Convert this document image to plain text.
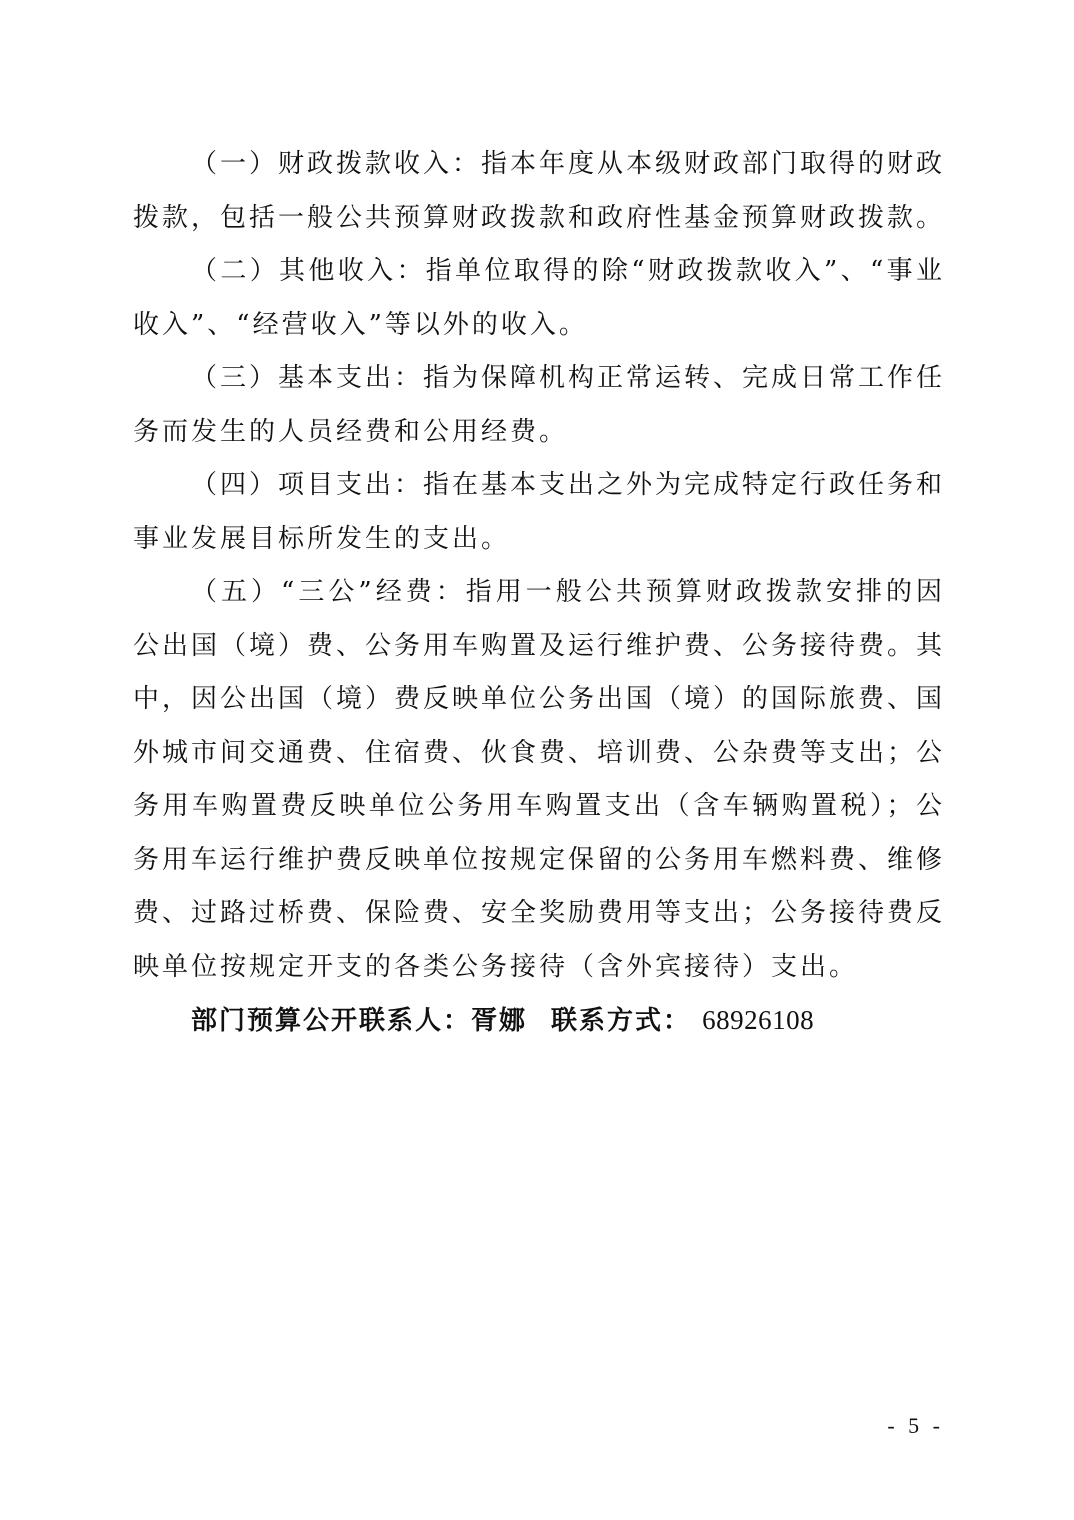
（一）财政拨款收入：指本年度从本级财政部门取得的财政拨款，包括一般公共预算财政拨款和政府性基金预算财政拨款。

（二）其他收入：指单位取得的除“财政拨款收入”、“事业收入”、“经营收入”等以外的收入。

（三）基本支出：指为保障机构正常运转、完成日常工作任务而发生的人员经费和公用经费。

（四）项目支出：指在基本支出之外为完成特定行政任务和事业发展目标所发生的支出。

（五）“三公”经费：指用一般公共预算财政拨款安排的因公出国（境）费、公务用车购置及运行维护费、公务接待费。其中，因公出国（境）费反映单位公务出国（境）的国际旅费、国外城市间交通费、住宿费、伙食费、培训费、公杂费等支出；公务用车购置费反映单位公务用车购置支出（含车辆购置税）；公务用车运行维护费反映单位按规定保留的公务用车燃料费、维修费、过路过桥费、保险费、安全奖励费用等支出；公务接待费反映单位按规定开支的各类公务接待（含外宾接待）支出。

部门预算公开联系人：胥娜 联系方式： 68926108

- 5 -
